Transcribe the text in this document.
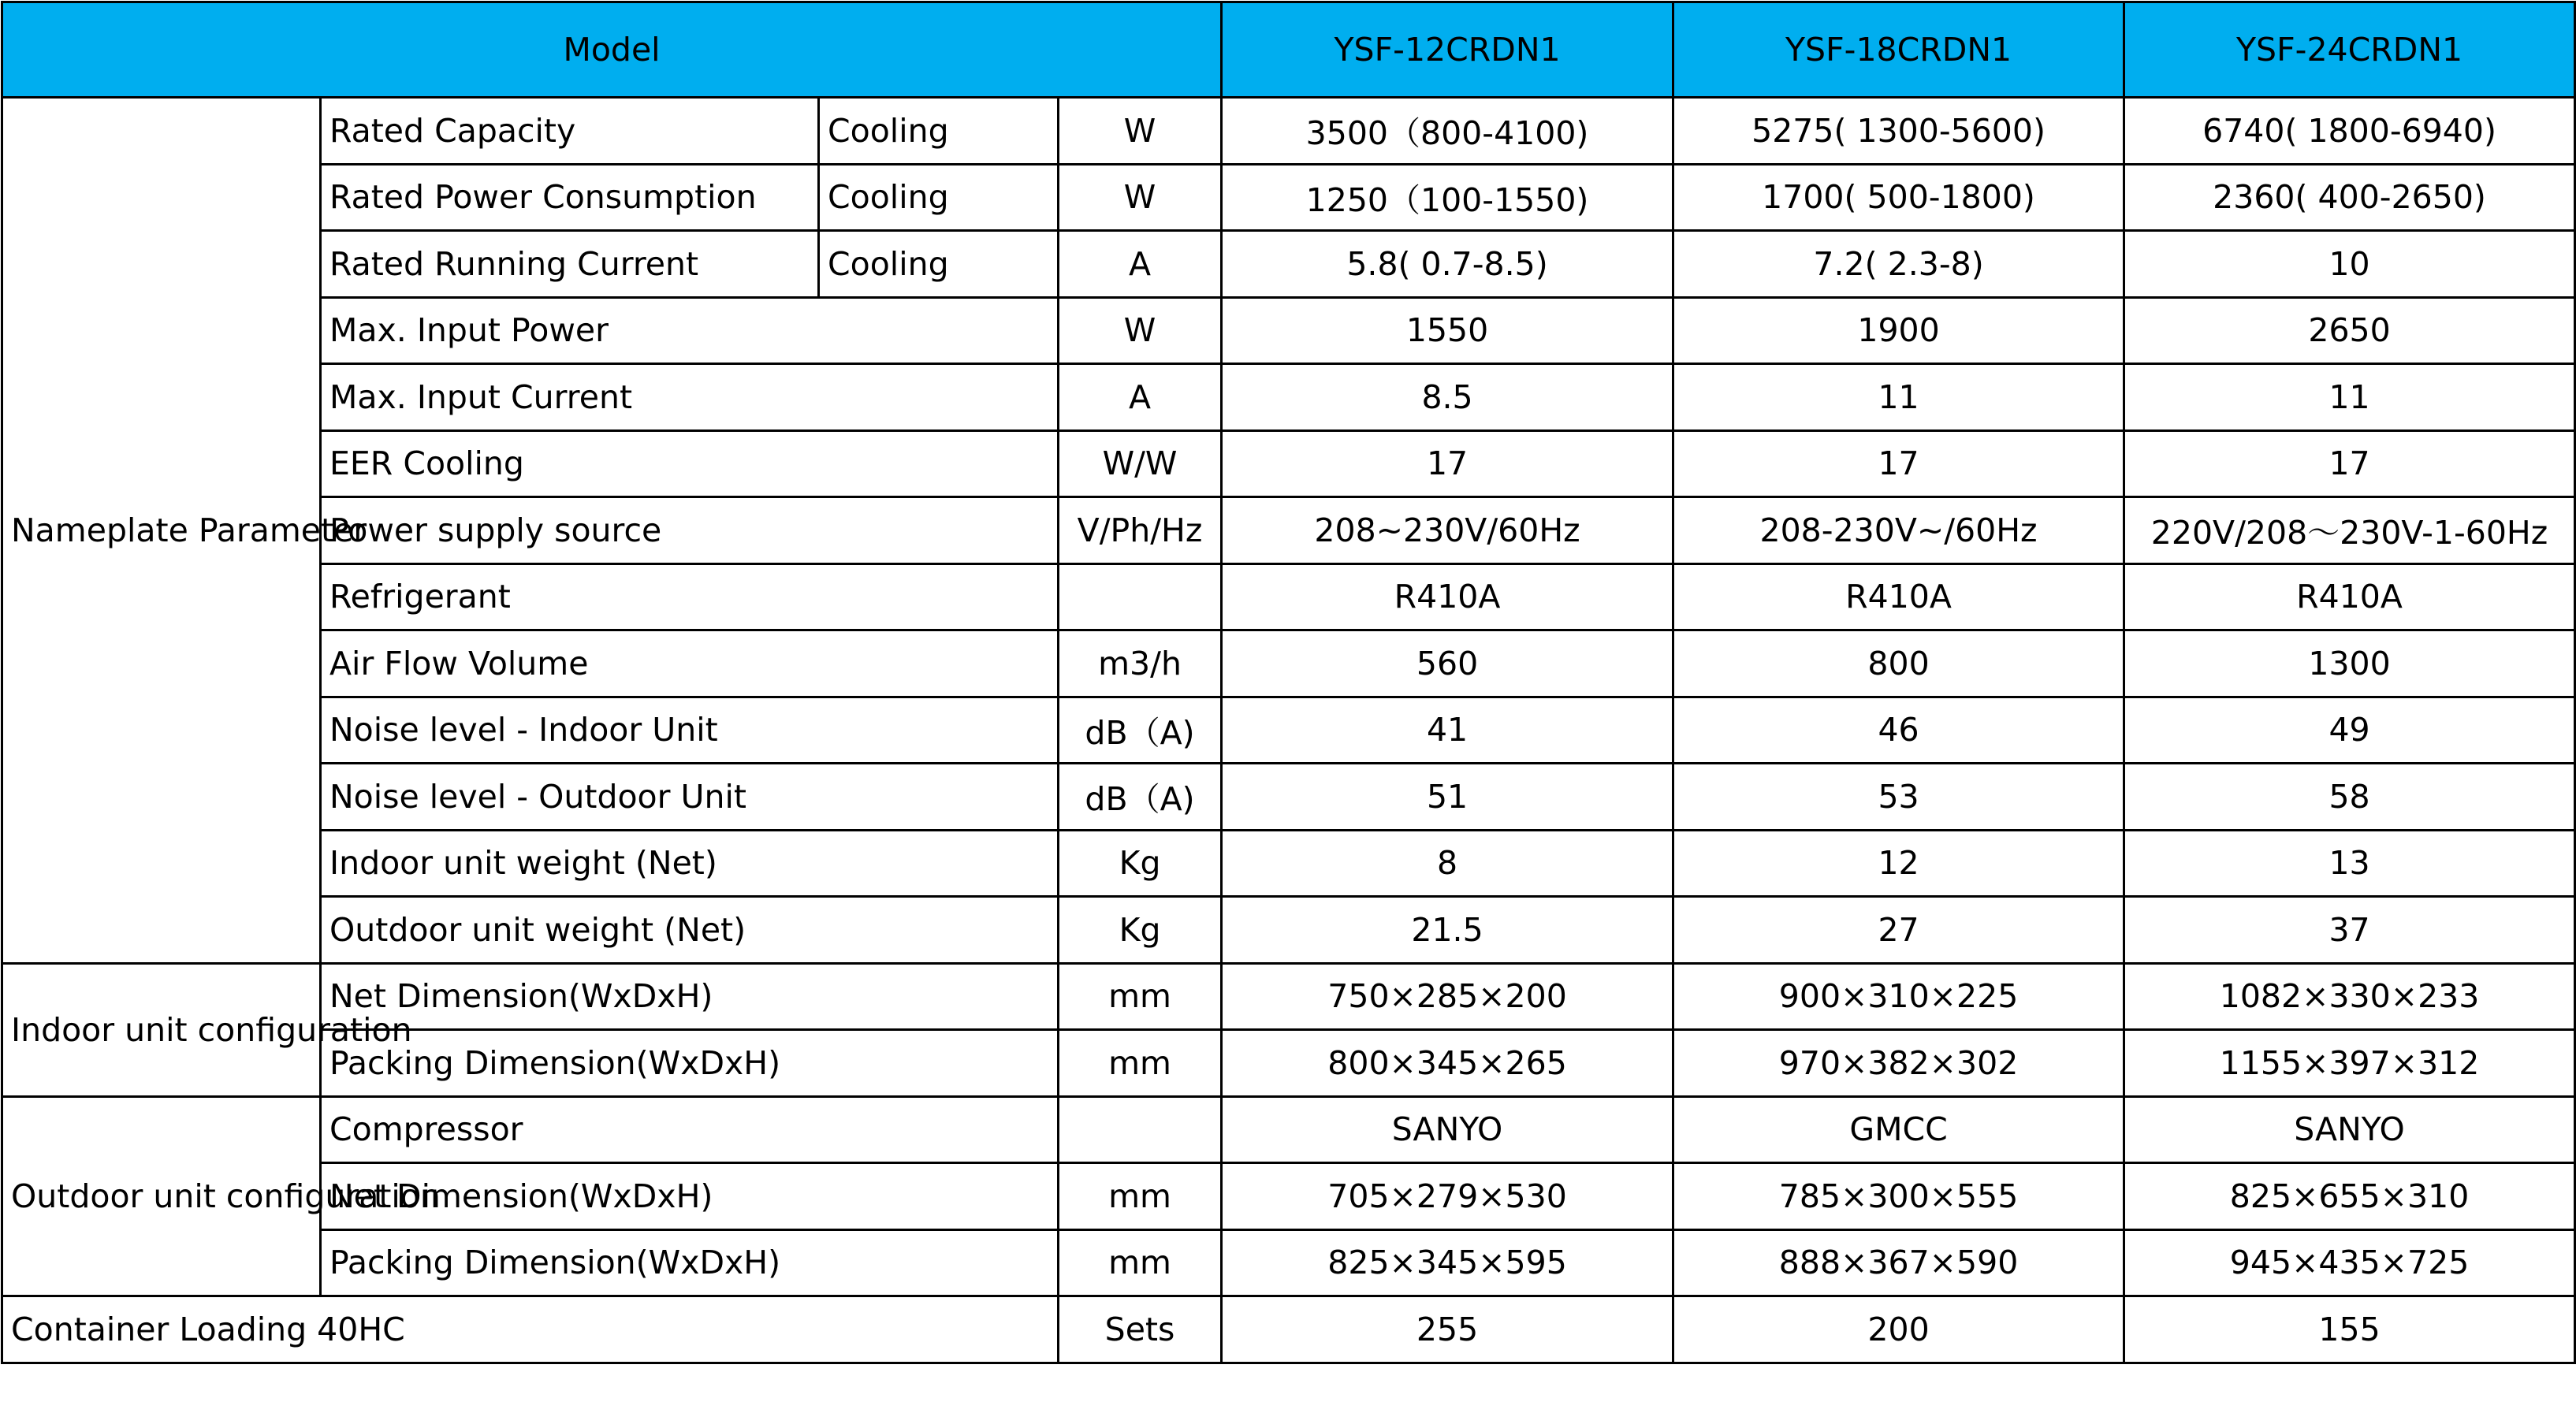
Model				YSF-12CRDN1	YSF-18CRDN1	YSF-24CRDN1
Nameplate Parameter	Rated Capacity	Cooling	W	3500（800-4100)	5275( 1300-5600)	6740( 1800-6940)
	Rated Power Consumption	Cooling	W	1250（100-1550)	1700( 500-1800)	2360( 400-2650)
	Rated Running Current	Cooling	A	5.8( 0.7-8.5)	7.2( 2.3-8)	10
	Max. Input Power		W	1550	1900	2650
	Max. Input Current		A	8.5	11	11
	EER Cooling		W/W	17	17	17
	Power supply source		V/Ph/Hz	208~230V/60Hz	208-230V~/60Hz	220V/208～230V-1-60Hz
	Refrigerant			R410A	R410A	R410A
	Air Flow Volume		m3/h	560	800	1300
	Noise level - Indoor Unit		dB（A)	41	46	49
	Noise level - Outdoor Unit		dB（A)	51	53	58
	Indoor unit weight (Net)		Kg	8	12	13
	Outdoor unit weight (Net)		Kg	21.5	27	37
Indoor unit configuration	Net Dimension(WxDxH)		mm	750×285×200	900×310×225	1082×330×233
	Packing Dimension(WxDxH)		mm	800×345×265	970×382×302	1155×397×312
Outdoor unit configuration	Compressor			SANYO	GMCC	SANYO
	Net Dimension(WxDxH)		mm	705×279×530	785×300×555	825×655×310
	Packing Dimension(WxDxH)		mm	825×345×595	888×367×590	945×435×725
Container Loading 40HC			Sets	255	200	155
